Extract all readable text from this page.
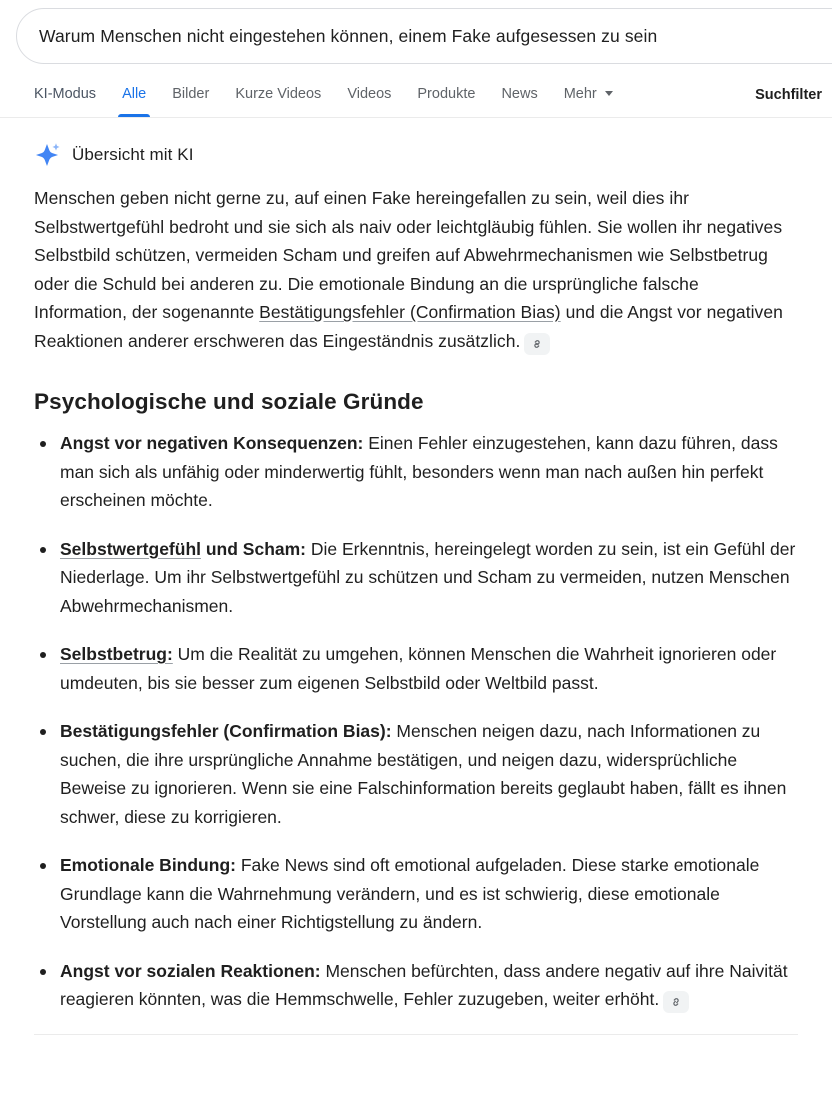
Warum Menschen nicht eingestehen können, einem Fake aufgesessen zu sein
KI-Modus	Alle	Bilder	Kurze Videos	Videos	Produkte	News	Mehr	Suchfilter
Übersicht mit KI

Menschen geben nicht gerne zu, auf einen Fake hereingefallen zu sein, weil dies ihr Selbstwertgefühl bedroht und sie sich als naiv oder leichtgläubig fühlen. Sie wollen ihr negatives Selbstbild schützen, vermeiden Scham und greifen auf Abwehrmechanismen wie Selbstbetrug oder die Schuld bei anderen zu. Die emotionale Bindung an die ursprüngliche falsche Information, der sogenannte Bestätigungsfehler (Confirmation Bias) und die Angst vor negativen Reaktionen anderer erschweren das Eingeständnis zusätzlich.

Psychologische und soziale Gründe
Angst vor negativen Konsequenzen: Einen Fehler einzugestehen, kann dazu führen, dass man sich als unfähig oder minderwertig fühlt, besonders wenn man nach außen hin perfekt erscheinen möchte.
Selbstwertgefühl und Scham: Die Erkenntnis, hereingelegt worden zu sein, ist ein Gefühl der Niederlage. Um ihr Selbstwertgefühl zu schützen und Scham zu vermeiden, nutzen Menschen Abwehrmechanismen.
Selbstbetrug: Um die Realität zu umgehen, können Menschen die Wahrheit ignorieren oder umdeuten, bis sie besser zum eigenen Selbstbild oder Weltbild passt.
Bestätigungsfehler (Confirmation Bias): Menschen neigen dazu, nach Informationen zu suchen, die ihre ursprüngliche Annahme bestätigen, und neigen dazu, widersprüchliche Beweise zu ignorieren. Wenn sie eine Falschinformation bereits geglaubt haben, fällt es ihnen schwer, diese zu korrigieren.
Emotionale Bindung: Fake News sind oft emotional aufgeladen. Diese starke emotionale Grundlage kann die Wahrnehmung verändern, und es ist schwierig, diese emotionale Vorstellung auch nach einer Richtigstellung zu ändern.
Angst vor sozialen Reaktionen: Menschen befürchten, dass andere negativ auf ihre Naivität reagieren könnten, was die Hemmschwelle, Fehler zuzugeben, weiter erhöht.
